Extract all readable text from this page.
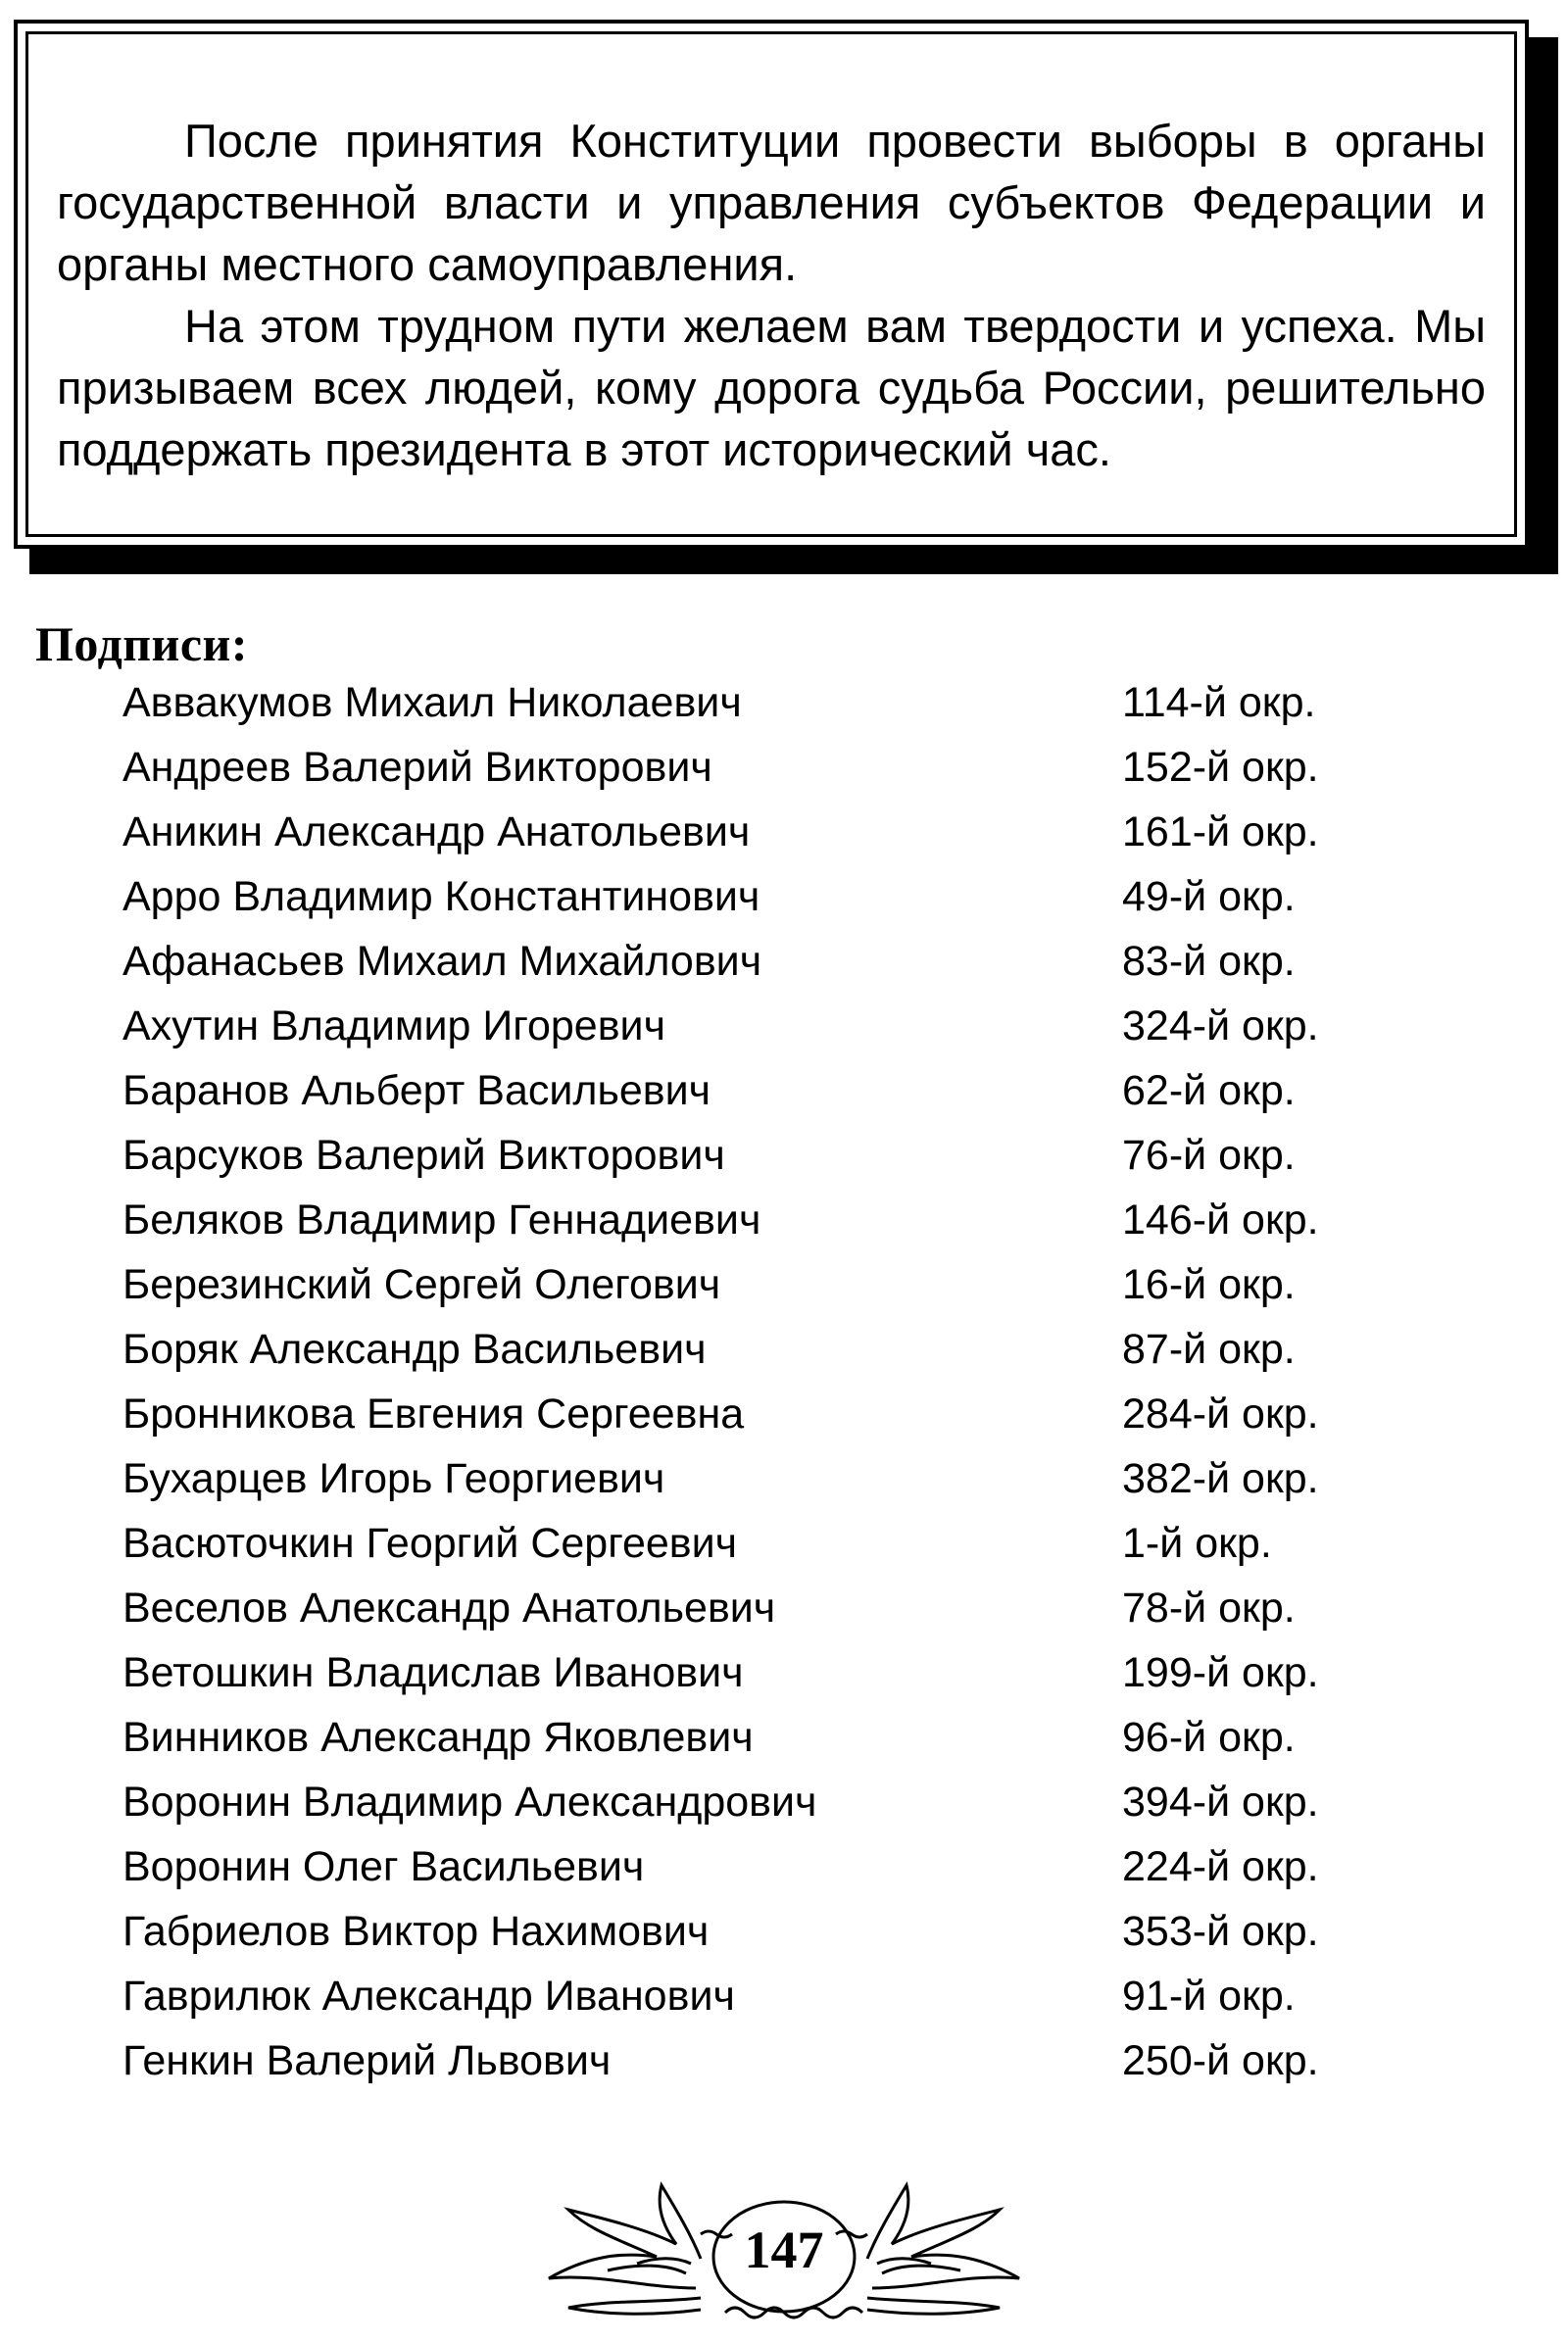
После принятия Конституции провести выборы в органы государственной власти и управления субъектов Федерации и органы местного самоуправления.

На этом трудном пути желаем вам твердости и успеха. Мы призываем всех людей, кому дорога судьба России, решительно поддержать президента в этот исторический час.

Подписи:
Аввакумов Михаил Николаевич	114-й окр.
Андреев Валерий Викторович	152-й окр.
Аникин Александр Анатольевич	161-й окр.
Арро Владимир Константинович	49-й окр.
Афанасьев Михаил Михайлович	83-й окр.
Ахутин Владимир Игоревич	324-й окр.
Баранов Альберт Васильевич	62-й окр.
Барсуков Валерий Викторович	76-й окр.
Беляков Владимир Геннадиевич	146-й окр.
Березинский Сергей Олегович	16-й окр.
Боряк Александр Васильевич	87-й окр.
Бронникова Евгения Сергеевна	284-й окр.
Бухарцев Игорь Георгиевич	382-й окр.
Васюточкин Георгий Сергеевич	1-й окр.
Веселов Александр Анатольевич	78-й окр.
Ветошкин Владислав Иванович	199-й окр.
Винников Александр Яковлевич	96-й окр.
Воронин Владимир Александрович	394-й окр.
Воронин Олег Васильевич	224-й окр.
Габриелов Виктор Нахимович	353-й окр.
Гаврилюк Александр Иванович	91-й окр.
Генкин Валерий Львович	250-й окр.
147
